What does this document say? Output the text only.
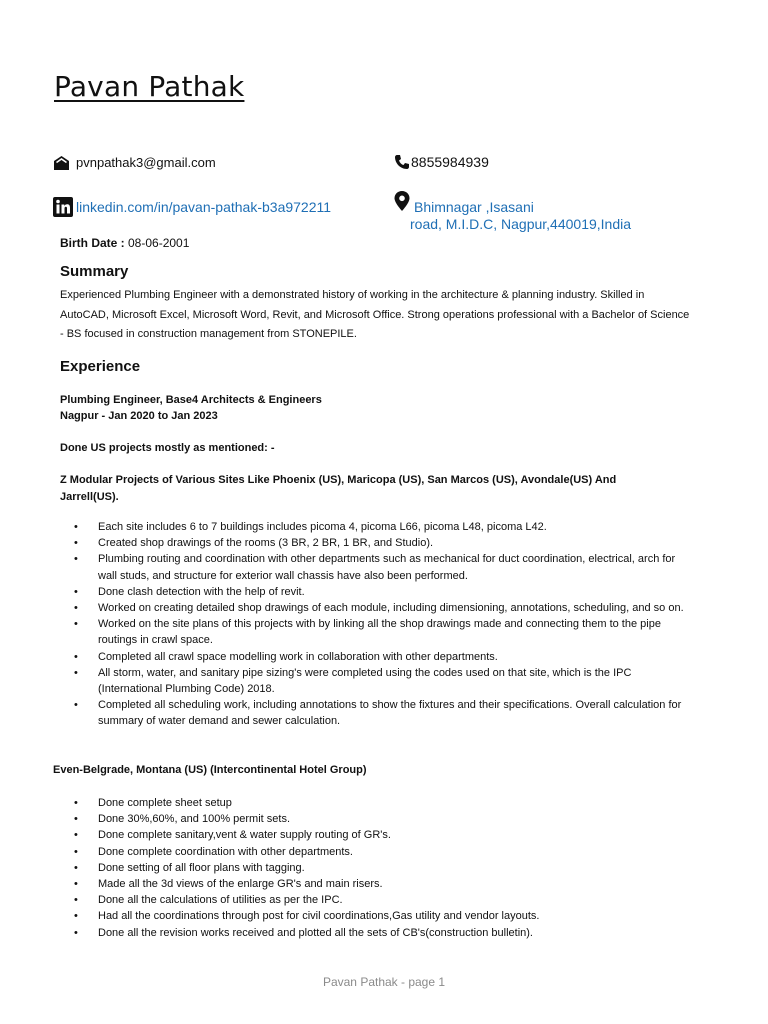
Pavan Pathak
pvnpathak3@gmail.com	8855984939
linkedin.com/in/pavan-pathak-b3a972211	Bhimnagar ,Isasani
road, M.I.D.C, Nagpur,440019,India
Birth Date : 08-06-2001
Summary
Experienced Plumbing Engineer with a demonstrated history of working in the architecture & planning industry. Skilled in AutoCAD, Microsoft Excel, Microsoft Word, Revit, and Microsoft Office. Strong operations professional with a Bachelor of Science - BS focused in construction management from STONEPILE.
Experience
Plumbing Engineer, Base4 Architects & Engineers
Nagpur - Jan 2020 to Jan 2023
Done US projects mostly as mentioned: -
Z Modular Projects of Various Sites Like Phoenix (US), Maricopa (US), San Marcos (US), Avondale(US) And Jarrell(US).
• Each site includes 6 to 7 buildings includes picoma 4, picoma L66, picoma L48, picoma L42.
• Created shop drawings of the rooms (3 BR, 2 BR, 1 BR, and Studio).
• Plumbing routing and coordination with other departments such as mechanical for duct coordination, electrical, arch for wall studs, and structure for exterior wall chassis have also been performed.
• Done clash detection with the help of revit.
• Worked on creating detailed shop drawings of each module, including dimensioning, annotations, scheduling, and so on.
• Worked on the site plans of this projects with by linking all the shop drawings made and connecting them to the pipe routings in crawl space.
• Completed all crawl space modelling work in collaboration with other departments.
• All storm, water, and sanitary pipe sizing's were completed using the codes used on that site, which is the IPC (International Plumbing Code) 2018.
• Completed all scheduling work, including annotations to show the fixtures and their specifications. Overall calculation for summary of water demand and sewer calculation.
Even-Belgrade, Montana (US) (Intercontinental Hotel Group)
• Done complete sheet setup
• Done 30%,60%, and 100% permit sets.
• Done complete sanitary,vent & water supply routing of GR's.
• Done complete coordination with other departments.
• Done setting of all floor plans with tagging.
• Made all the 3d views of the enlarge GR's and main risers.
• Done all the calculations of utilities as per the IPC.
• Had all the coordinations through post for civil coordinations,Gas utility and vendor layouts.
• Done all the revision works received and plotted all the sets of CB's(construction bulletin).
Pavan Pathak - page 1
